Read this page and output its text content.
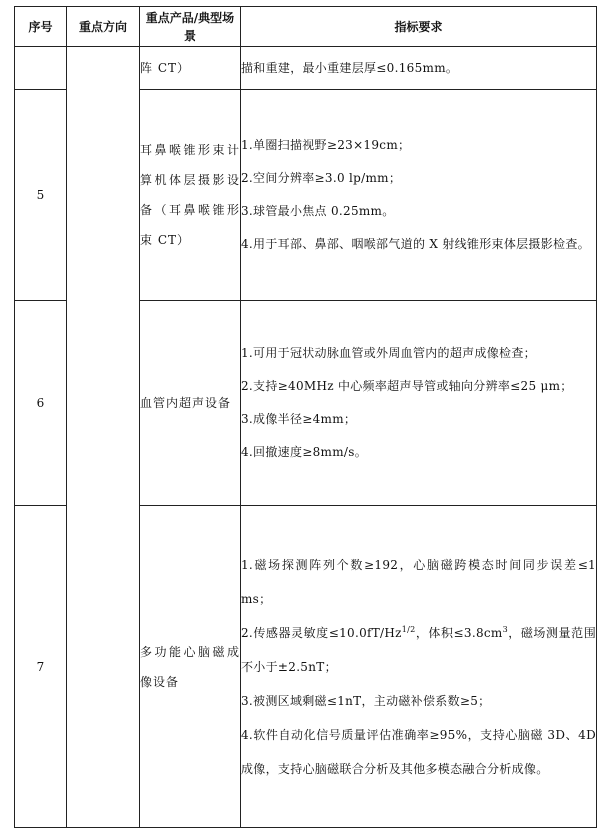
序号	重点方向	重点产品/典型场景	指标要求
		阵 CT）	描和重建，最小重建层厚≤0.165mm。

5		耳鼻喉锥形束计算机体层摄影设备（耳鼻喉锥形束 CT）	1.单圈扫描视野≥23×19cm；

2.空间分辨率≥3.0 lp/mm；

3.球管最小焦点 0.25mm。

4.用于耳部、鼻部、咽喉部气道的 X 射线锥形束体层摄影检查。

6		血管内超声设备	1.可用于冠状动脉血管或外周血管内的超声成像检查；

2.支持≥40MHz 中心频率超声导管或轴向分辨率≤25 μm；

3.成像半径≥4mm；

4.回撤速度≥8mm/s。

7		多功能心脑磁成像设备	1.磁场探测阵列个数≥192，心脑磁跨模态时间同步误差≤1 ms；

2.传感器灵敏度$\le 10.0fT/Hz^{1/2}$，体积$\le 3.8cm^3$，磁场测量范围不小于±2.5nT；

3.被测区域剩磁≤1nT，主动磁补偿系数≥5；

4.软件自动化信号质量评估准确率≥95%，支持心脑磁 3D、4D 成像，支持心脑磁联合分析及其他多模态融合分析成像。
